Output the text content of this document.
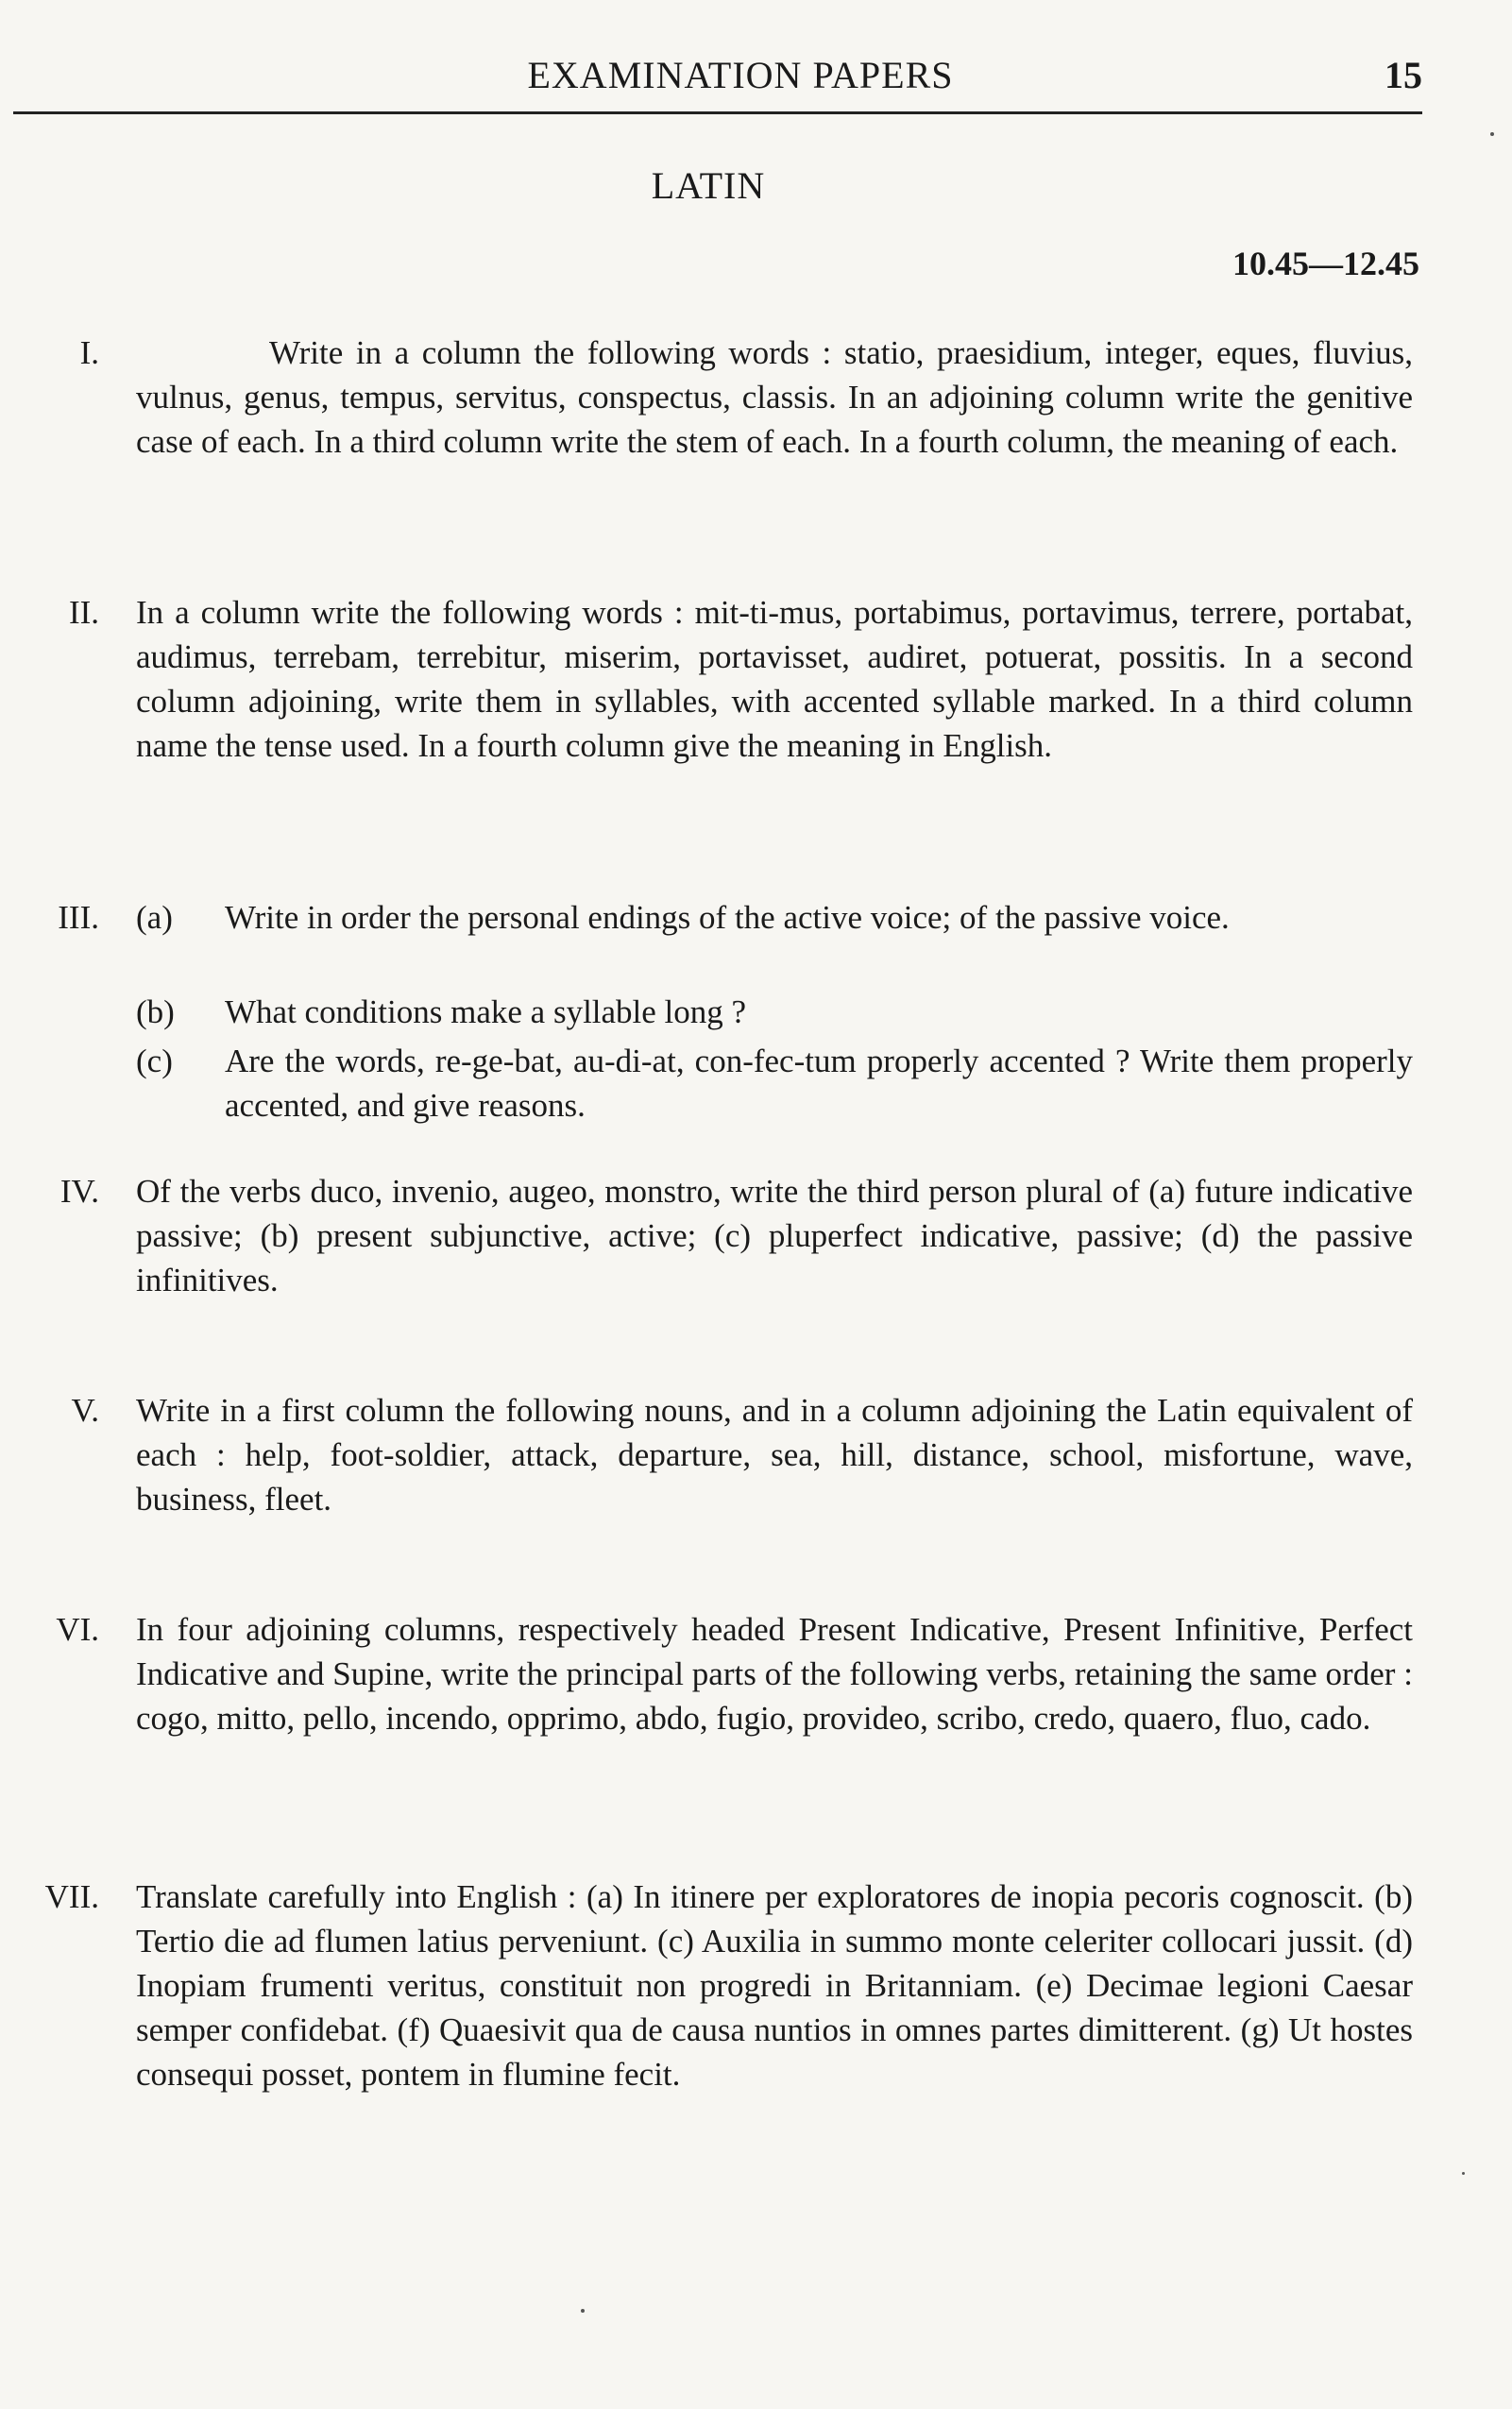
EXAMINATION PAPERS	15
LATIN
10.45—12.45
I.	Write in a column the following words : statio, praesidium, integer, eques, fluvius, vulnus, genus, tempus, servitus, conspectus, classis. In an adjoining column write the genitive case of each. In a third column write the stem of each. In a fourth column, the meaning of each.

II. In a column write the following words : mit-ti-mus, portabimus, portavimus, terrere, portabat, audimus, terrebam, terrebitur, miserim, portavisset, audiret, potuerat, possitis. In a second column adjoining, write them in syllables, with accented syllable marked. In a third column name the tense used. In a fourth column give the meaning in English.

III. (a) Write in order the personal endings of the active voice; of the passive voice.

(b) What conditions make a syllable long ?

(c) Are the words, re-ge-bat, au-di-at, con-fec-tum properly accented ? Write them properly accented, and give reasons.

IV. Of the verbs duco, invenio, augeo, monstro, write the third person plural of (a) future indicative passive; (b) present subjunctive, active; (c) pluperfect indicative, passive; (d) the passive infinitives.

V. Write in a first column the following nouns, and in a column adjoining the Latin equivalent of each : help, foot-soldier, attack, departure, sea, hill, distance, school, misfortune, wave, business, fleet.

VI. In four adjoining columns, respectively headed Present Indicative, Present Infinitive, Perfect Indicative and Supine, write the principal parts of the following verbs, retaining the same order : cogo, mitto, pello, incendo, opprimo, abdo, fugio, provideo, scribo, credo, quaero, fluo, cado.

VII. Translate carefully into English : (a) In itinere per exploratores de inopia pecoris cognoscit. (b) Tertio die ad flumen latius perveniunt. (c) Auxilia in summo monte celeriter collocari jussit. (d) Inopiam frumenti veritus, constituit non progredi in Britanniam. (e) Decimae legioni Caesar semper confidebat. (f) Quaesivit qua de causa nuntios in omnes partes dimitterent. (g) Ut hostes consequi posset, pontem in flumine fecit.
